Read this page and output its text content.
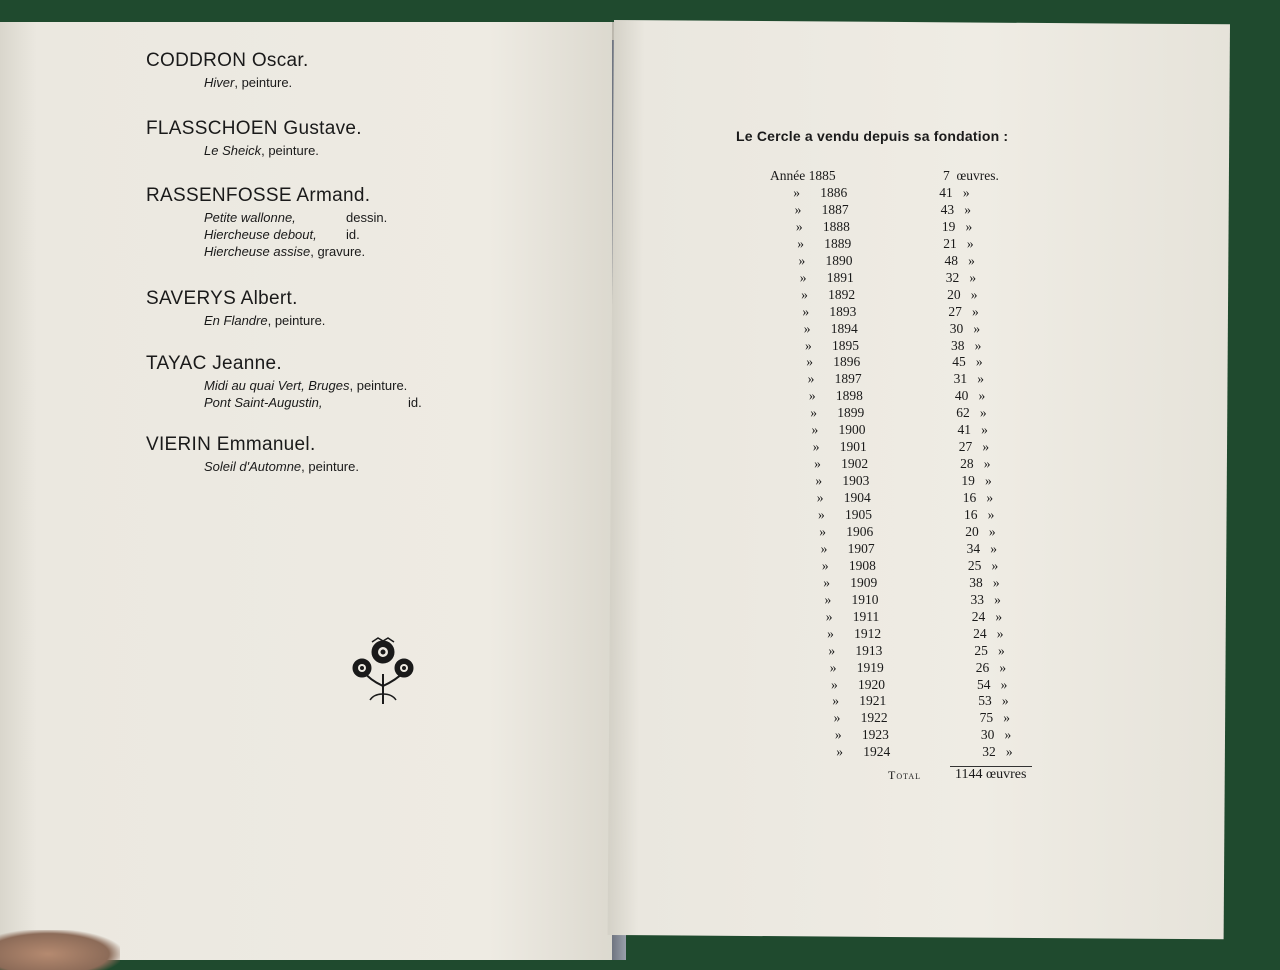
CODDRON Oscar.
Hiver, peinture.
FLASSCHOEN Gustave.
Le Sheick, peinture.
RASSENFOSSE Armand.
Petite wallonne,	dessin.
Hiercheuse debout, id.
Hiercheuse assise, gravure.
SAVERYS Albert.
En Flandre, peinture.
TAYAC Jeanne.
Midi au quai Vert, Bruges, peinture.
Pont Saint-Augustin,	id.
VIERIN Emmanuel.
Soleil d'Automne, peinture.
Le Cercle a vendu depuis sa fondation :
Année 1885	7  œuvres.
»      1886	41   »
»      1887	43   »
»      1888	19   »
»      1889	21   »
»      1890	48   »
»      1891	32   »
»      1892	20   »
»      1893	27   »
»      1894	30   »
»      1895	38   »
»      1896	45   »
»      1897	31   »
»      1898	40   »
»      1899	62   »
»      1900	41   »
»      1901	27   »
»      1902	28   »
»      1903	19   »
»      1904	16   »
»      1905	16   »
»      1906	20   »
»      1907	34   »
»      1908	25   »
»      1909	38   »
»      1910	33   »
»      1911	24   »
»      1912	24   »
»      1913	25   »
»      1919	26   »
»      1920	54   »
»      1921	53   »
»      1922	75   »
»      1923	30   »
»      1924	32   »
Total 1144 œuvres
